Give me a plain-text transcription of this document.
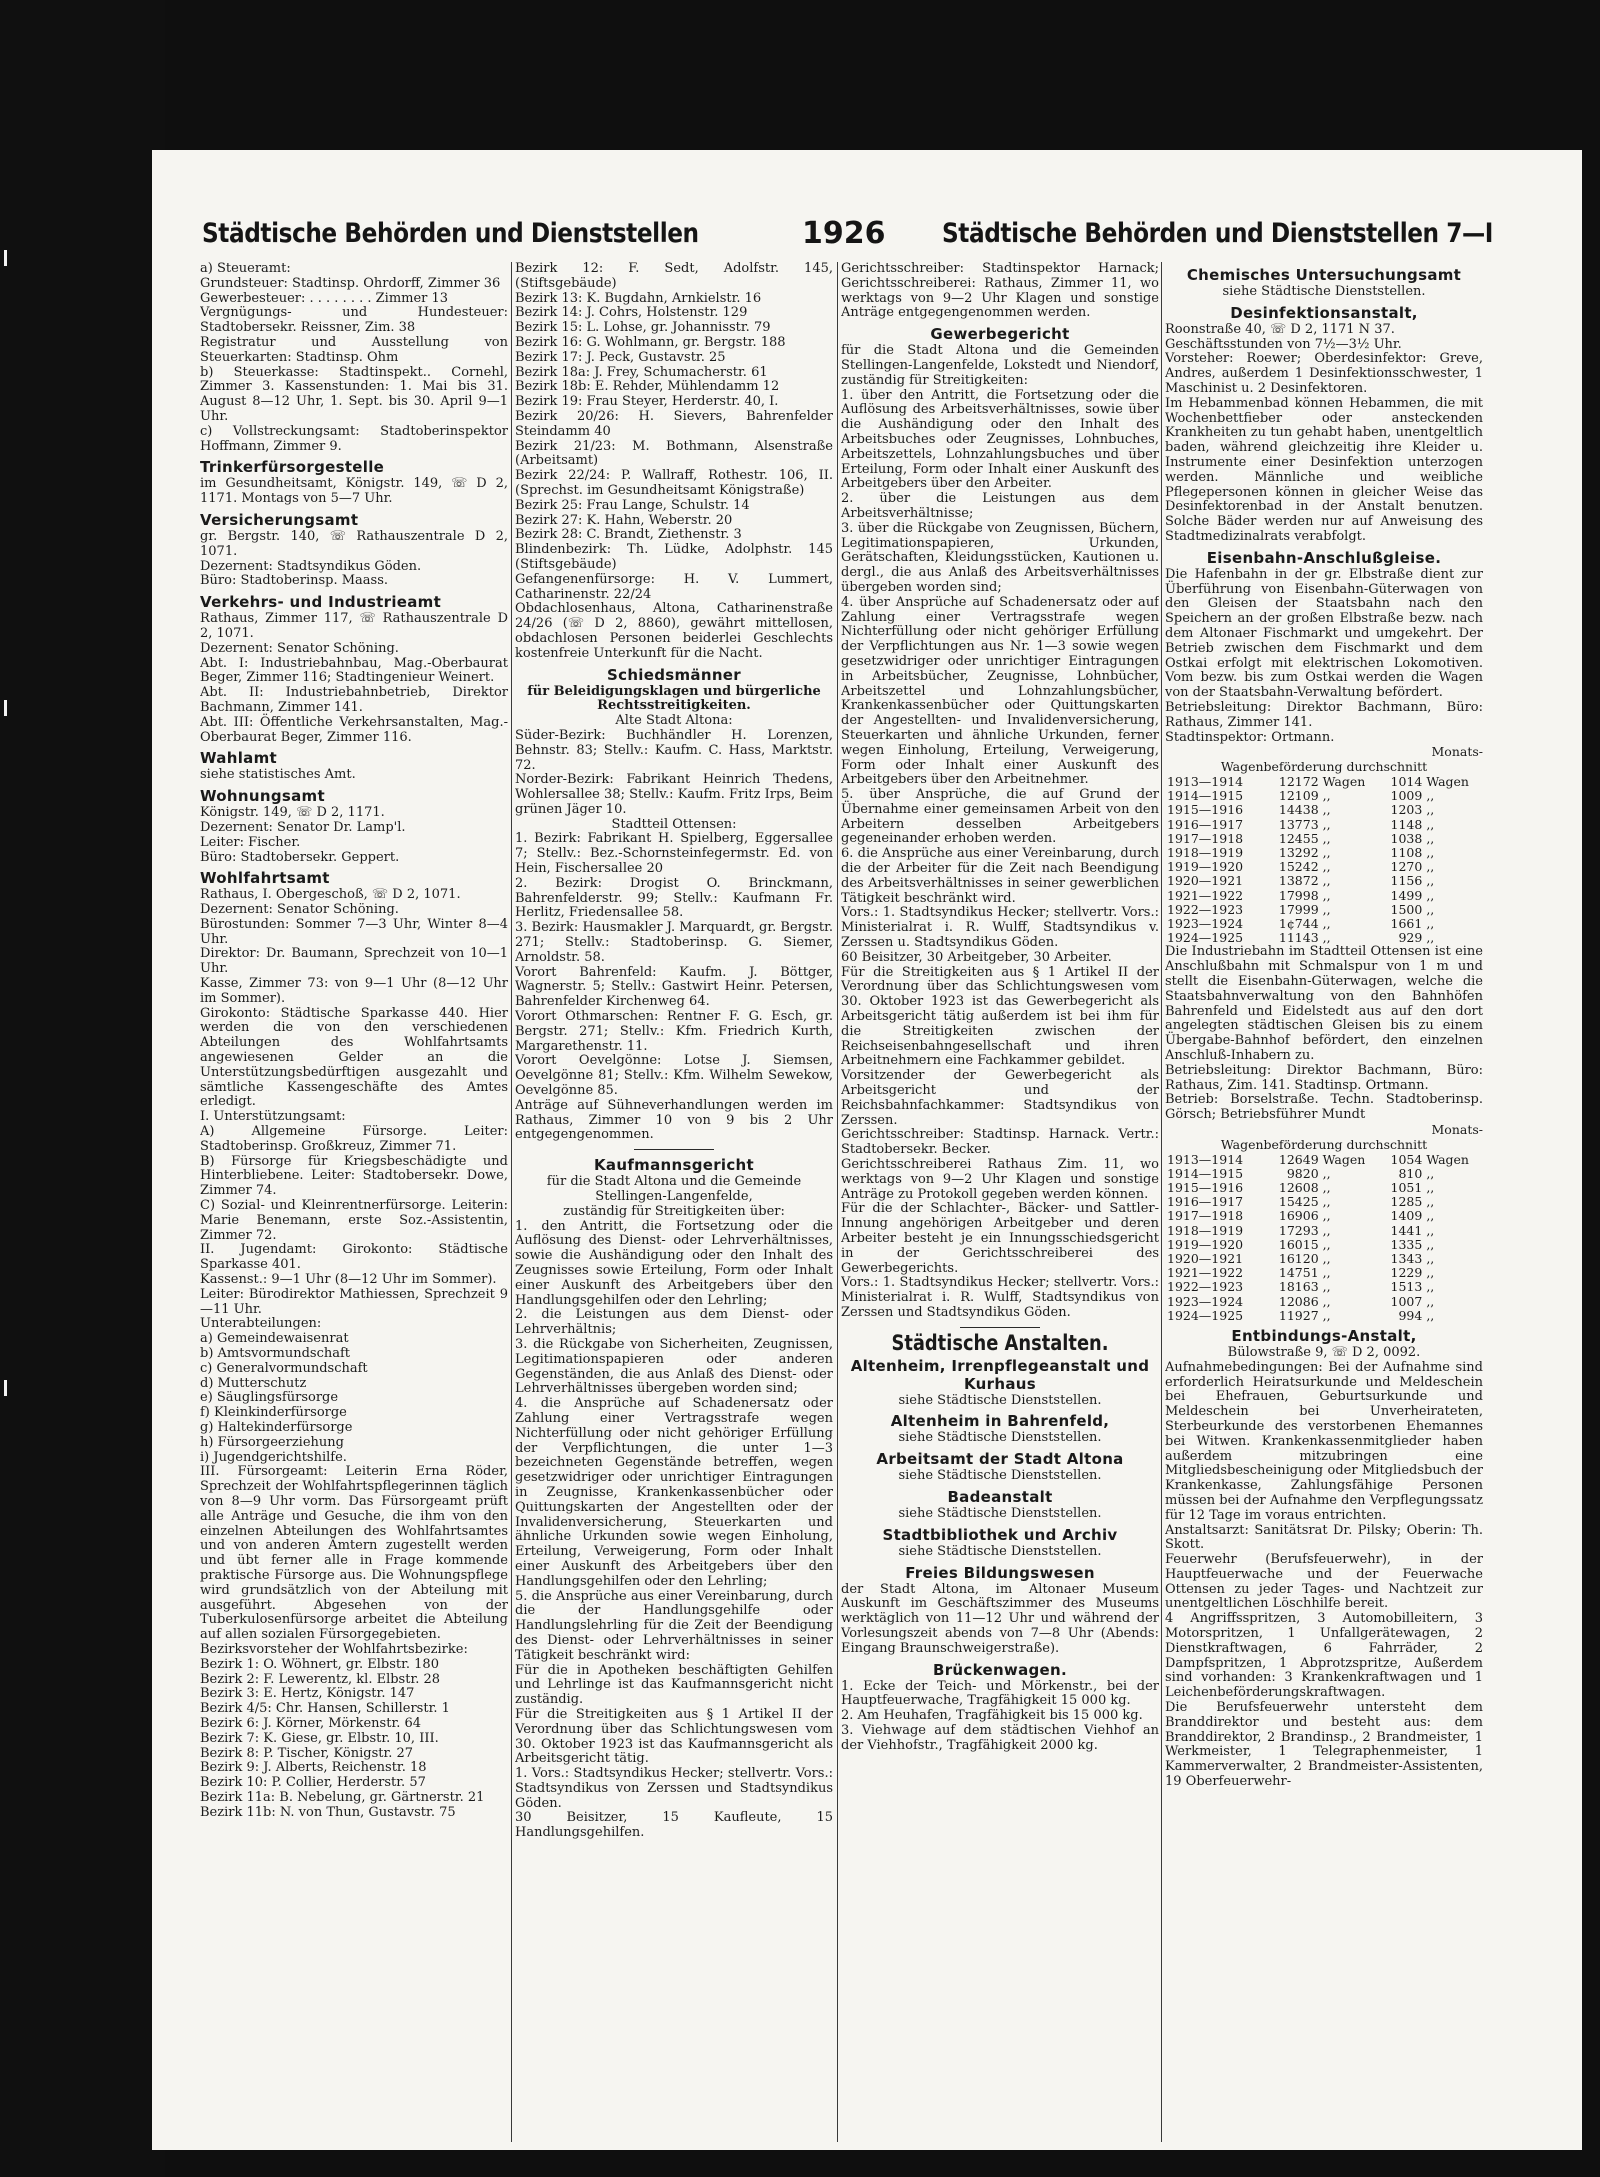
Städtische Behörden und Dienststellen	1926 Städtische Behörden und Dienststellen 7—I

a) Steueramt:

Grundsteuer: Stadtinsp. Ohrdorff, Zimmer 36

Gewerbesteuer: . . . . . . . . Zimmer 13

Vergnügungs- und Hundesteuer: Stadtobersekr. Reissner, Zim. 38

Registratur und Ausstellung von Steuerkarten: Stadtinsp. Ohm

b) Steuerkasse: Stadtinspekt.. Cornehl, Zimmer 3. Kassenstunden: 1. Mai bis 31. August 8—12 Uhr, 1. Sept. bis 30. April 9—1 Uhr.

c) Vollstreckungsamt: Stadtoberinspektor Hoffmann, Zimmer 9.

Trinkerfürsorgestelle

im Gesundheitsamt, Königstr. 149, ☏ D 2, 1171. Montags von 5—7 Uhr.

Versicherungsamt

gr. Bergstr. 140, ☏ Rathauszentrale D 2, 1071.

Dezernent: Stadtsyndikus Göden.

Büro: Stadtoberinsp. Maass.

Verkehrs- und Industrieamt

Rathaus, Zimmer 117, ☏ Rathauszentrale D 2, 1071.

Dezernent: Senator Schöning.

Abt. I: Industriebahnbau, Mag.-Oberbaurat Beger, Zimmer 116; Stadtingenieur Weinert.

Abt. II: Industriebahnbetrieb, Direktor Bachmann, Zimmer 141.

Abt. III: Öffentliche Verkehrsanstalten, Mag.-Oberbaurat Beger, Zimmer 116.

Wahlamt

siehe statistisches Amt.

Wohnungsamt

Königstr. 149, ☏ D 2, 1171.

Dezernent: Senator Dr. Lamp'l.

Leiter: Fischer.

Büro: Stadtobersekr. Geppert.

Wohlfahrtsamt

Rathaus, I. Obergeschoß, ☏ D 2, 1071.

Dezernent: Senator Schöning.

Bürostunden: Sommer 7—3 Uhr, Winter 8—4 Uhr.

Direktor: Dr. Baumann, Sprechzeit von 10—1 Uhr.

Kasse, Zimmer 73: von 9—1 Uhr (8—12 Uhr im Sommer).

Girokonto: Städtische Sparkasse 440. Hier werden die von den verschiedenen Abteilungen des Wohlfahrtsamts angewiesenen Gelder an die Unterstützungsbedürftigen ausgezahlt und sämtliche Kassengeschäfte des Amtes erledigt.

I. Unterstützungsamt:

A) Allgemeine Fürsorge. Leiter: Stadtoberinsp. Großkreuz, Zimmer 71.

B) Fürsorge für Kriegsbeschädigte und Hinterbliebene. Leiter: Stadtobersekr. Dowe, Zimmer 74.

C) Sozial- und Kleinrentnerfürsorge. Leiterin: Marie Benemann, erste Soz.-Assistentin, Zimmer 72.

II. Jugendamt: Girokonto: Städtische Sparkasse 401.

Kassenst.: 9—1 Uhr (8—12 Uhr im Sommer).

Leiter: Bürodirektor Mathiessen, Sprechzeit 9—11 Uhr.

Unterabteilungen:

a) Gemeindewaisenrat

b) Amtsvormundschaft

c) Generalvormundschaft

d) Mutterschutz

e) Säuglingsfürsorge

f) Kleinkinderfürsorge

g) Haltekinderfürsorge

h) Fürsorgeerziehung

i) Jugendgerichtshilfe.

III. Fürsorgeamt: Leiterin Erna Röder, Sprechzeit der Wohlfahrtspflegerinnen täglich von 8—9 Uhr vorm. Das Fürsorgeamt prüft alle Anträge und Gesuche, die ihm von den einzelnen Abteilungen des Wohlfahrtsamtes und von anderen Ämtern zugestellt werden und übt ferner alle in Frage kommende praktische Fürsorge aus. Die Wohnungspflege wird grundsätzlich von der Abteilung mit ausgeführt. Abgesehen von der Tuberkulosenfürsorge arbeitet die Abteilung auf allen sozialen Fürsorgegebieten.

Bezirksvorsteher der Wohlfahrtsbezirke:

Bezirk 1: O. Wöhnert, gr. Elbstr. 180

Bezirk 2: F. Lewerentz, kl. Elbstr. 28

Bezirk 3: E. Hertz, Königstr. 147

Bezirk 4/5: Chr. Hansen, Schillerstr. 1

Bezirk 6: J. Körner, Mörkenstr. 64

Bezirk 7: K. Giese, gr. Elbstr. 10, III.

Bezirk 8: P. Tischer, Königstr. 27

Bezirk 9: J. Alberts, Reichenstr. 18

Bezirk 10: P. Collier, Herderstr. 57

Bezirk 11a: B. Nebelung, gr. Gärtnerstr. 21

Bezirk 11b: N. von Thun, Gustavstr. 75

Bezirk 12: F. Sedt, Adolfstr. 145, (Stiftsgebäude)

Bezirk 13: K. Bugdahn, Arnkielstr. 16

Bezirk 14: J. Cohrs, Holstenstr. 129

Bezirk 15: L. Lohse, gr. Johannisstr. 79

Bezirk 16: G. Wohlmann, gr. Bergstr. 188

Bezirk 17: J. Peck, Gustavstr. 25

Bezirk 18a: J. Frey, Schumacherstr. 61

Bezirk 18b: E. Rehder, Mühlendamm 12

Bezirk 19: Frau Steyer, Herderstr. 40, I.

Bezirk 20/26: H. Sievers, Bahrenfelder Steindamm 40

Bezirk 21/23: M. Bothmann, Alsenstraße (Arbeitsamt)

Bezirk 22/24: P. Wallraff, Rothestr. 106, II. (Sprechst. im Gesundheitsamt Königstraße)

Bezirk 25: Frau Lange, Schulstr. 14

Bezirk 27: K. Hahn, Weberstr. 20

Bezirk 28: C. Brandt, Ziethenstr. 3

Blindenbezirk: Th. Lüdke, Adolphstr. 145 (Stiftsgebäude)

Gefangenenfürsorge: H. V. Lummert, Catharinenstr. 22/24

Obdachlosenhaus, Altona, Catharinenstraße 24/26 (☏ D 2, 8860), gewährt mittellosen, obdachlosen Personen beiderlei Geschlechts kostenfreie Unterkunft für die Nacht.

Schiedsmänner

für Beleidigungsklagen und bürgerliche Rechtsstreitigkeiten.

Alte Stadt Altona:

Süder-Bezirk: Buchhändler H. Lorenzen, Behnstr. 83; Stellv.: Kaufm. C. Hass, Marktstr. 72.

Norder-Bezirk: Fabrikant Heinrich Thedens, Wohlersallee 38; Stellv.: Kaufm. Fritz Irps, Beim grünen Jäger 10.

Stadtteil Ottensen:

1. Bezirk: Fabrikant H. Spielberg, Eggersallee 7; Stellv.: Bez.-Schornsteinfegermstr. Ed. von Hein, Fischersallee 20

2. Bezirk: Drogist O. Brinckmann, Bahrenfelderstr. 99; Stellv.: Kaufmann Fr. Herlitz, Friedensallee 58.

3. Bezirk: Hausmakler J. Marquardt, gr. Bergstr. 271; Stellv.: Stadtoberinsp. G. Siemer, Arnoldstr. 58.

Vorort Bahrenfeld: Kaufm. J. Böttger, Wagnerstr. 5; Stellv.: Gastwirt Heinr. Petersen, Bahrenfelder Kirchenweg 64.

Vorort Othmarschen: Rentner F. G. Esch, gr. Bergstr. 271; Stellv.: Kfm. Friedrich Kurth, Margarethenstr. 11.

Vorort Oevelgönne: Lotse J. Siemsen, Oevelgönne 81; Stellv.: Kfm. Wilhelm Sewekow, Oevelgönne 85.

Anträge auf Sühneverhandlungen werden im Rathaus, Zimmer 10 von 9 bis 2 Uhr entgegengenommen.

Kaufmannsgericht

für die Stadt Altona und die Gemeinde Stellingen-Langenfelde,

zuständig für Streitigkeiten über:

1. den Antritt, die Fortsetzung oder die Auflösung des Dienst- oder Lehrverhältnisses, sowie die Aushändigung oder den Inhalt des Zeugnisses sowie Erteilung, Form oder Inhalt einer Auskunft des Arbeitgebers über den Handlungsgehilfen oder den Lehrling;

2. die Leistungen aus dem Dienst- oder Lehrverhältnis;

3. die Rückgabe von Sicherheiten, Zeugnissen, Legitimationspapieren oder anderen Gegenständen, die aus Anlaß des Dienst- oder Lehrverhältnisses übergeben worden sind;

4. die Ansprüche auf Schadenersatz oder Zahlung einer Vertragsstrafe wegen Nichterfüllung oder nicht gehöriger Erfüllung der Verpflichtungen, die unter 1—3 bezeichneten Gegenstände betreffen, wegen gesetzwidriger oder unrichtiger Eintragungen in Zeugnisse, Krankenkassenbücher oder Quittungskarten der Angestellten oder der Invalidenversicherung, Steuerkarten und ähnliche Urkunden sowie wegen Einholung, Erteilung, Verweigerung, Form oder Inhalt einer Auskunft des Arbeitgebers über den Handlungsgehilfen oder den Lehrling;

5. die Ansprüche aus einer Vereinbarung, durch die der Handlungsgehilfe oder Handlungslehrling für die Zeit der Beendigung des Dienst- oder Lehrverhältnisses in seiner Tätigkeit beschränkt wird:

Für die in Apotheken beschäftigten Gehilfen und Lehrlinge ist das Kaufmannsgericht nicht zuständig.

Für die Streitigkeiten aus § 1 Artikel II der Verordnung über das Schlichtungswesen vom 30. Oktober 1923 ist das Kaufmannsgericht als Arbeitsgericht tätig.

1. Vors.: Stadtsyndikus Hecker; stellvertr. Vors.: Stadtsyndikus von Zerssen und Stadtsyndikus Göden.

30 Beisitzer, 15 Kaufleute, 15 Handlungsgehilfen.

Gerichtsschreiber: Stadtinspektor Harnack; Gerichtsschreiberei: Rathaus, Zimmer 11, wo werktags von 9—2 Uhr Klagen und sonstige Anträge entgegengenommen werden.

Gewerbegericht

für die Stadt Altona und die Gemeinden Stellingen-Langenfelde, Lokstedt und Niendorf, zuständig für Streitigkeiten:

1. über den Antritt, die Fortsetzung oder die Auflösung des Arbeitsverhältnisses, sowie über die Aushändigung oder den Inhalt des Arbeitsbuches oder Zeugnisses, Lohnbuches, Arbeitszettels, Lohnzahlungsbuches und über Erteilung, Form oder Inhalt einer Auskunft des Arbeitgebers über den Arbeiter.

2. über die Leistungen aus dem Arbeitsverhältnisse;

3. über die Rückgabe von Zeugnissen, Büchern, Legitimationspapieren, Urkunden, Gerätschaften, Kleidungsstücken, Kautionen u. dergl., die aus Anlaß des Arbeitsverhältnisses übergeben worden sind;

4. über Ansprüche auf Schadenersatz oder auf Zahlung einer Vertragsstrafe wegen Nichterfüllung oder nicht gehöriger Erfüllung der Verpflichtungen aus Nr. 1—3 sowie wegen gesetzwidriger oder unrichtiger Eintragungen in Arbeitsbücher, Zeugnisse, Lohnbücher, Arbeitszettel und Lohnzahlungsbücher, Krankenkassenbücher oder Quittungskarten der Angestellten- und Invalidenversicherung, Steuerkarten und ähnliche Urkunden, ferner wegen Einholung, Erteilung, Verweigerung, Form oder Inhalt einer Auskunft des Arbeitgebers über den Arbeitnehmer.

5. über Ansprüche, die auf Grund der Übernahme einer gemeinsamen Arbeit von den Arbeitern desselben Arbeitgebers gegeneinander erhoben werden.

6. die Ansprüche aus einer Vereinbarung, durch die der Arbeiter für die Zeit nach Beendigung des Arbeitsverhältnisses in seiner gewerblichen Tätigkeit beschränkt wird.

Vors.: 1. Stadtsyndikus Hecker; stellvertr. Vors.: Ministerialrat i. R. Wulff, Stadtsyndikus v. Zerssen u. Stadtsyndikus Göden.

60 Beisitzer, 30 Arbeitgeber, 30 Arbeiter.

Für die Streitigkeiten aus § 1 Artikel II der Verordnung über das Schlichtungswesen vom 30. Oktober 1923 ist das Gewerbegericht als Arbeitsgericht tätig außerdem ist bei ihm für die Streitigkeiten zwischen der Reichseisenbahngesellschaft und ihren Arbeitnehmern eine Fachkammer gebildet.

Vorsitzender der Gewerbegericht als Arbeitsgericht und der Reichsbahnfachkammer: Stadtsyndikus von Zerssen.

Gerichtsschreiber: Stadtinsp. Harnack. Vertr.: Stadtobersekr. Becker.

Gerichtsschreiberei Rathaus Zim. 11, wo werktags von 9—2 Uhr Klagen und sonstige Anträge zu Protokoll gegeben werden können.

Für die der Schlachter-, Bäcker- und Sattler-Innung angehörigen Arbeitgeber und deren Arbeiter besteht je ein Innungsschiedsgericht in der Gerichtsschreiberei des Gewerbegerichts.

Vors.: 1. Stadtsyndikus Hecker; stellvertr. Vors.: Ministerialrat i. R. Wulff, Stadtsyndikus von Zerssen und Stadtsyndikus Göden.

Städtische Anstalten.

Altenheim, Irrenpflegeanstalt und Kurhaus

siehe Städtische Dienststellen.

Altenheim in Bahrenfeld,

siehe Städtische Dienststellen.

Arbeitsamt der Stadt Altona

siehe Städtische Dienststellen.

Badeanstalt

siehe Städtische Dienststellen.

Stadtbibliothek und Archiv

siehe Städtische Dienststellen.

Freies Bildungswesen

der Stadt Altona, im Altonaer Museum Auskunft im Geschäftszimmer des Museums werktäglich von 11—12 Uhr und während der Vorlesungszeit abends von 7—8 Uhr (Abends: Eingang Braunschweigerstraße).

Brückenwagen.

1. Ecke der Teich- und Mörkenstr., bei der Hauptfeuerwache, Tragfähigkeit 15 000 kg.

2. Am Heuhafen, Tragfähigkeit bis 15 000 kg.

3. Viehwage auf dem städtischen Viehhof an der Viehhofstr., Tragfähigkeit 2000 kg.

Chemisches Untersuchungsamt

siehe Städtische Dienststellen.

Desinfektionsanstalt,

Roonstraße 40, ☏ D 2, 1171 N 37.

Geschäftsstunden von 7½—3½ Uhr.

Vorsteher: Roewer; Oberdesinfektor: Greve, Andres, außerdem 1 Desinfektionsschwester, 1 Maschinist u. 2 Desinfektoren.

Im Hebammenbad können Hebammen, die mit Wochenbettfieber oder ansteckenden Krankheiten zu tun gehabt haben, unentgeltlich baden, während gleichzeitig ihre Kleider u. Instrumente einer Desinfektion unterzogen werden. Männliche und weibliche Pflegepersonen können in gleicher Weise das Desinfektorenbad in der Anstalt benutzen. Solche Bäder werden nur auf Anweisung des Stadtmedizinalrats verabfolgt.

Eisenbahn-Anschlußgleise.

Die Hafenbahn in der gr. Elbstraße dient zur Überführung von Eisenbahn-Güterwagen von den Gleisen der Staatsbahn nach den Speichern an der großen Elbstraße bezw. nach dem Altonaer Fischmarkt und umgekehrt. Der Betrieb zwischen dem Fischmarkt und dem Ostkai erfolgt mit elektrischen Lokomotiven. Vom bezw. bis zum Ostkai werden die Wagen von der Staatsbahn-Verwaltung befördert.

Betriebsleitung: Direktor Bachmann, Büro: Rathaus, Zimmer 141.

Stadtinspektor: Ortmann.

Monats-
Wagenbeförderung durchschnitt
1913—1914	12172	Wagen	1014	Wagen
1914—1915	12109	,,	1009	,,
1915—1916	14438	,,	1203	,,
1916—1917	13773	,,	1148	,,
1917—1918	12455	,,	1038	,,
1918—1919	13292	,,	1108	,,
1919—1920	15242	,,	1270	,,
1920—1921	13872	,,	1156	,,
1921—1922	17998	,,	1499	,,
1922—1923	17999	,,	1500	,,
1923—1924	1¢744	,,	1661	,,
1924—1925	11143	,,	929	,,

Die Industriebahn im Stadtteil Ottensen ist eine Anschlußbahn mit Schmalspur von 1 m und stellt die Eisenbahn-Güterwagen, welche die Staatsbahnverwaltung von den Bahnhöfen Bahrenfeld und Eidelstedt aus auf den dort angelegten städtischen Gleisen bis zu einem Übergabe-Bahnhof befördert, den einzelnen Anschluß-Inhabern zu.

Betriebsleitung: Direktor Bachmann, Büro: Rathaus, Zim. 141. Stadtinsp. Ortmann.

Betrieb: Borselstraße. Techn. Stadtoberinsp. Görsch; Betriebsführer Mundt

Monats-
Wagenbeförderung durchschnitt
1913—1914	12649	Wagen	1054	Wagen
1914—1915	9820	,,	810	,,
1915—1916	12608	,,	1051	,,
1916—1917	15425	,,	1285	,,
1917—1918	16906	,,	1409	,,
1918—1919	17293	,,	1441	,,
1919—1920	16015	,,	1335	,,
1920—1921	16120	,,	1343	,,
1921—1922	14751	,,	1229	,,
1922—1923	18163	,,	1513	,,
1923—1924	12086	,,	1007	,,
1924—1925	11927	,,	994	,,

Entbindungs-Anstalt,

Bülowstraße 9, ☏ D 2, 0092.

Aufnahmebedingungen: Bei der Aufnahme sind erforderlich Heiratsurkunde und Meldeschein bei Ehefrauen, Geburtsurkunde und Meldeschein bei Unverheirateten, Sterbeurkunde des verstorbenen Ehemannes bei Witwen. Krankenkassenmitglieder haben außerdem mitzubringen eine Mitgliedsbescheinigung oder Mitgliedsbuch der Krankenkasse, Zahlungsfähige Personen müssen bei der Aufnahme den Verpflegungssatz für 12 Tage im voraus entrichten.

Anstaltsarzt: Sanitätsrat Dr. Pilsky; Oberin: Th. Skott.

Feuerwehr (Berufsfeuerwehr), in der Hauptfeuerwache und der Feuerwache Ottensen zu jeder Tages- und Nachtzeit zur unentgeltlichen Löschhilfe bereit.

4 Angriffsspritzen, 3 Automobilleitern, 3 Motorspritzen, 1 Unfallgerätewagen, 2 Dienstkraftwagen, 6 Fahrräder, 2 Dampfspritzen, 1 Abprotzspritze, Außerdem sind vorhanden: 3 Krankenkraftwagen und 1 Leichenbeförderungskraftwagen.

Die Berufsfeuerwehr untersteht dem Branddirektor und besteht aus: dem Branddirektor, 2 Brandinsp., 2 Brandmeister, 1 Werkmeister, 1 Telegraphenmeister, 1 Kammerverwalter, 2 Brandmeister-Assistenten, 19 Oberfeuerwehr-
